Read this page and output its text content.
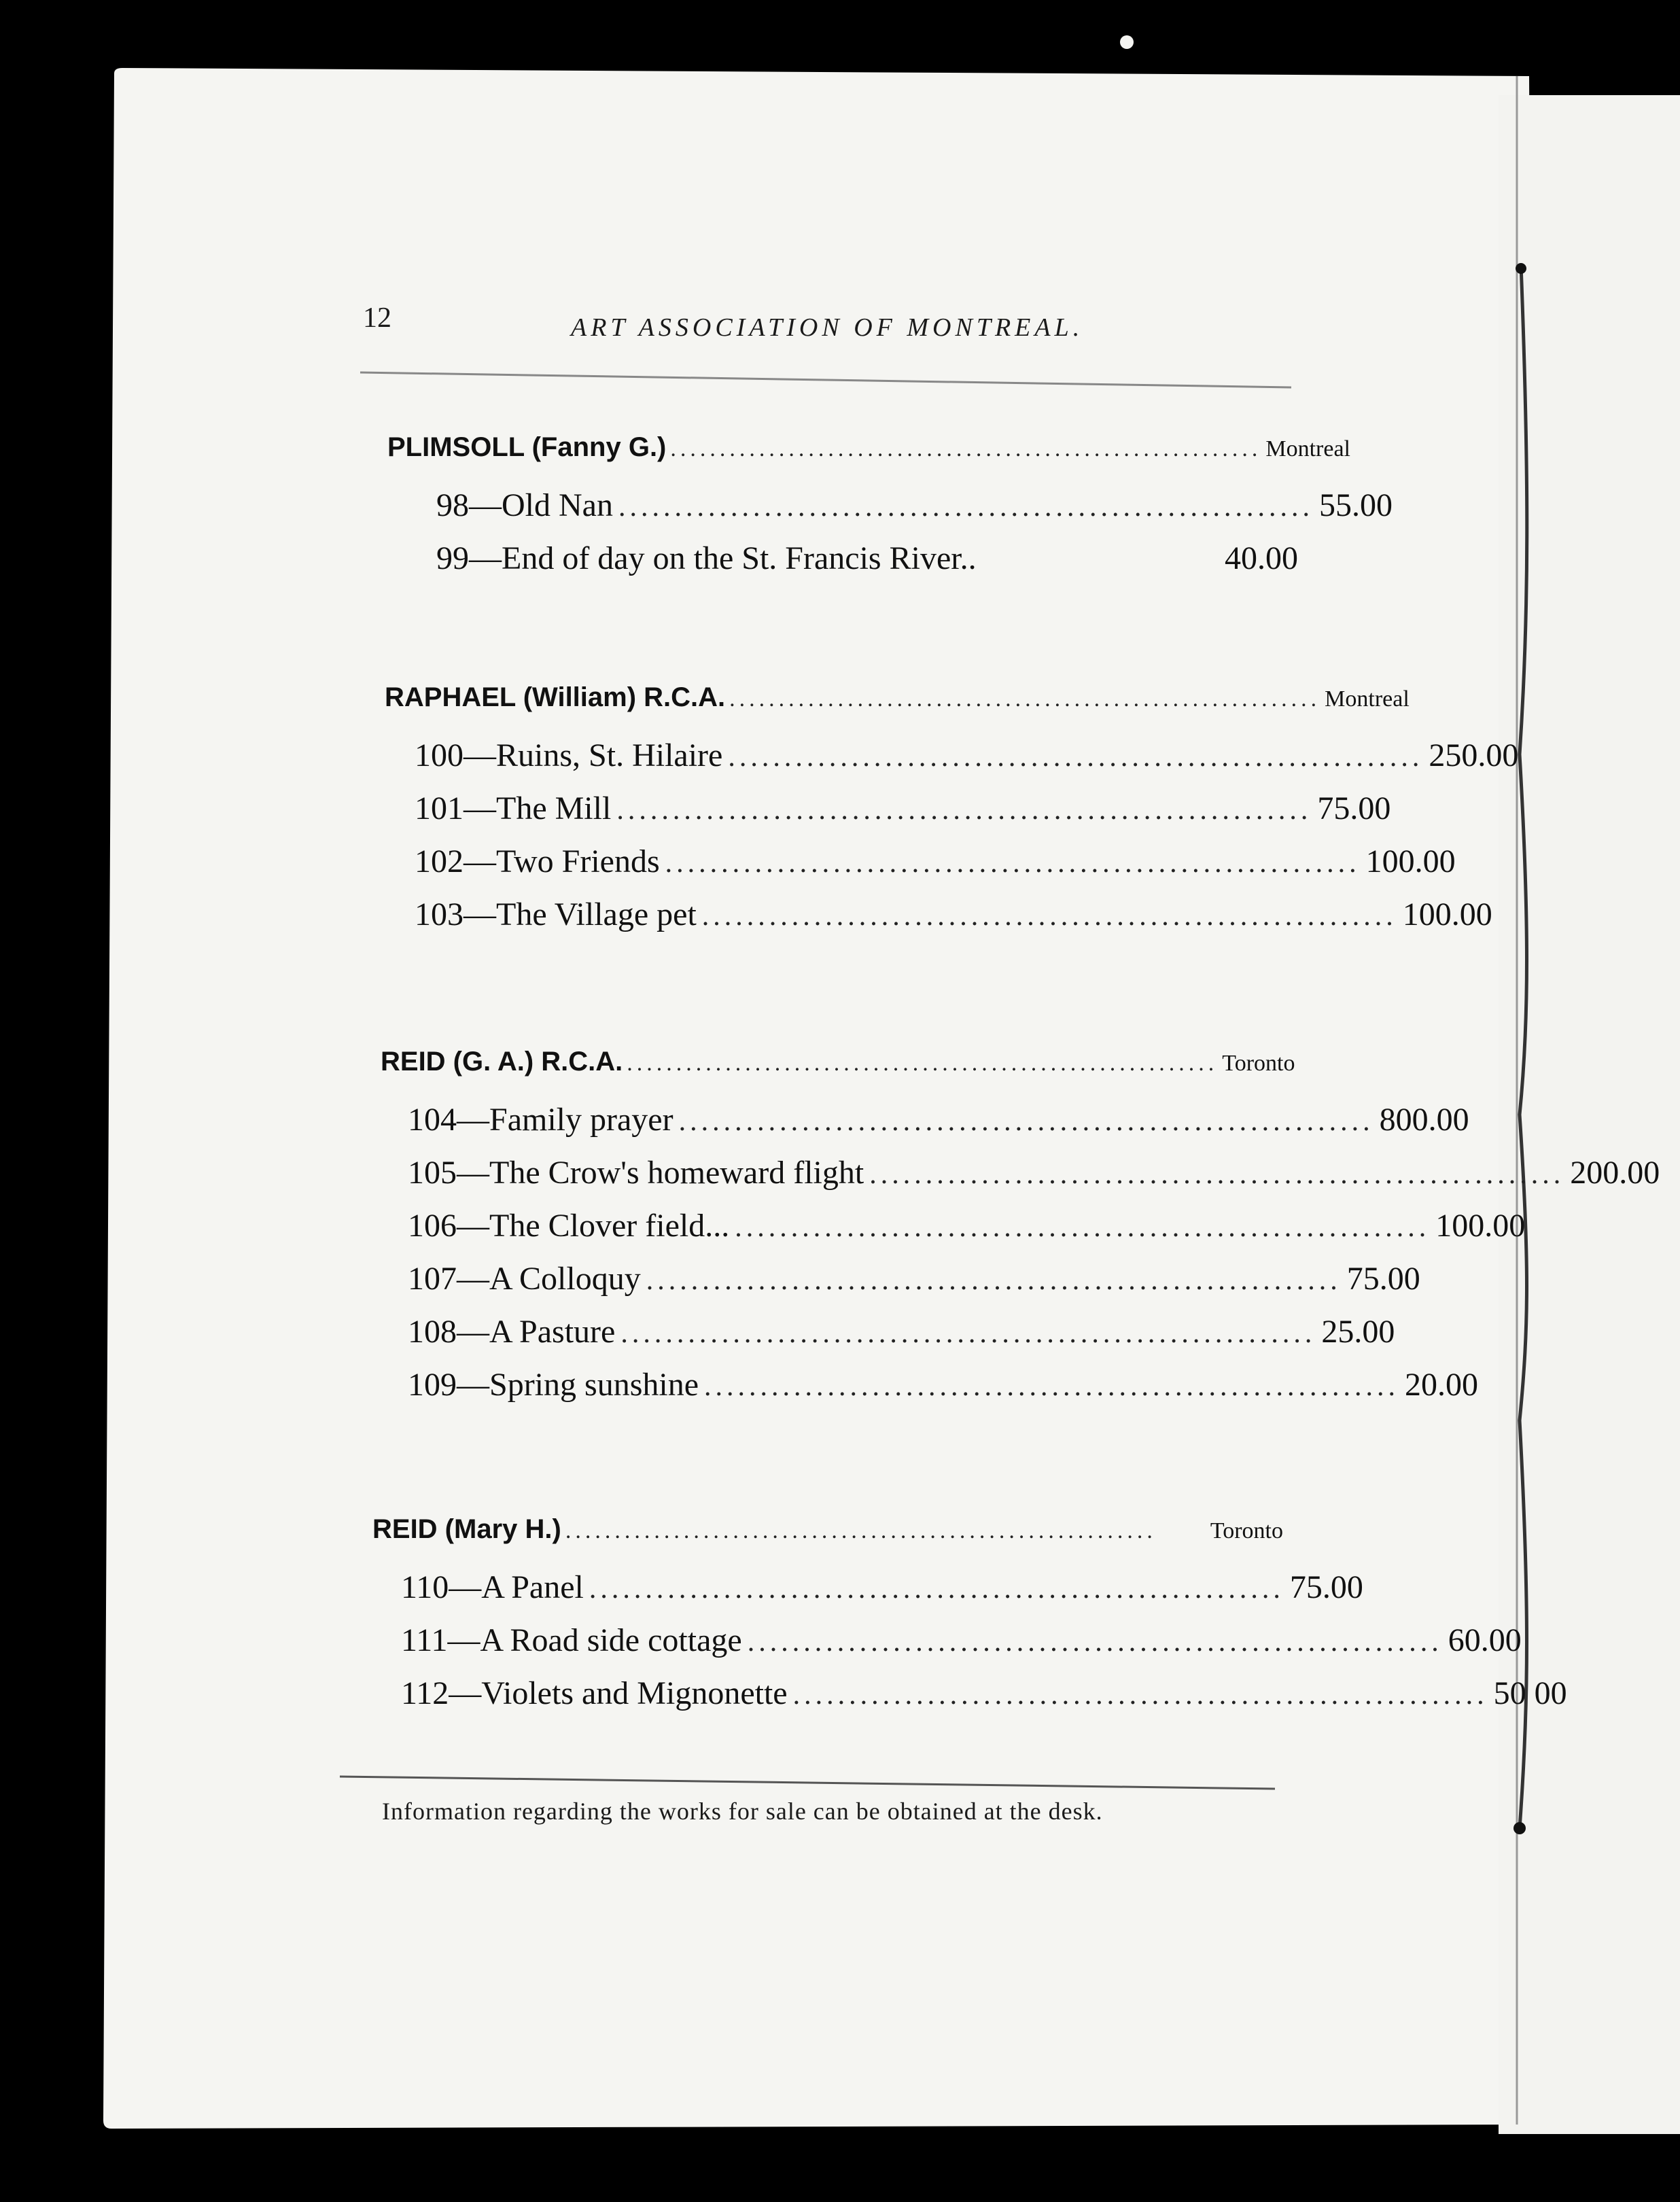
12	ART ASSOCIATION OF MONTREAL.
PLIMSOLL (Fanny G.) ............................................................ Montreal
98—Old Nan .............................................................. 55.00
99—End of day on the St. Francis River..	40.00
RAPHAEL (William) R.C.A. ............................................................ Montreal
100—Ruins, St. Hilaire .............................................................. 250.00
101—The Mill .............................................................. 75.00
102—Two Friends .............................................................. 100.00
103—The Village pet .............................................................. 100.00
REID (G. A.) R.C.A. ............................................................ Toronto
104—Family prayer .............................................................. 800.00
105—The Crow's homeward flight .............................................................. 200.00
106—The Clover field... .............................................................. 100.00
107—A Colloquy .............................................................. 75.00
108—A Pasture .............................................................. 25.00
109—Spring sunshine .............................................................. 20.00
REID (Mary H.) ............................................................	Toronto
110—A Panel .............................................................. 75.00
111—A Road side cottage .............................................................. 60.00
112—Violets and Mignonette .............................................................. 50 00
Information regarding the works for sale can be obtained at the desk.
